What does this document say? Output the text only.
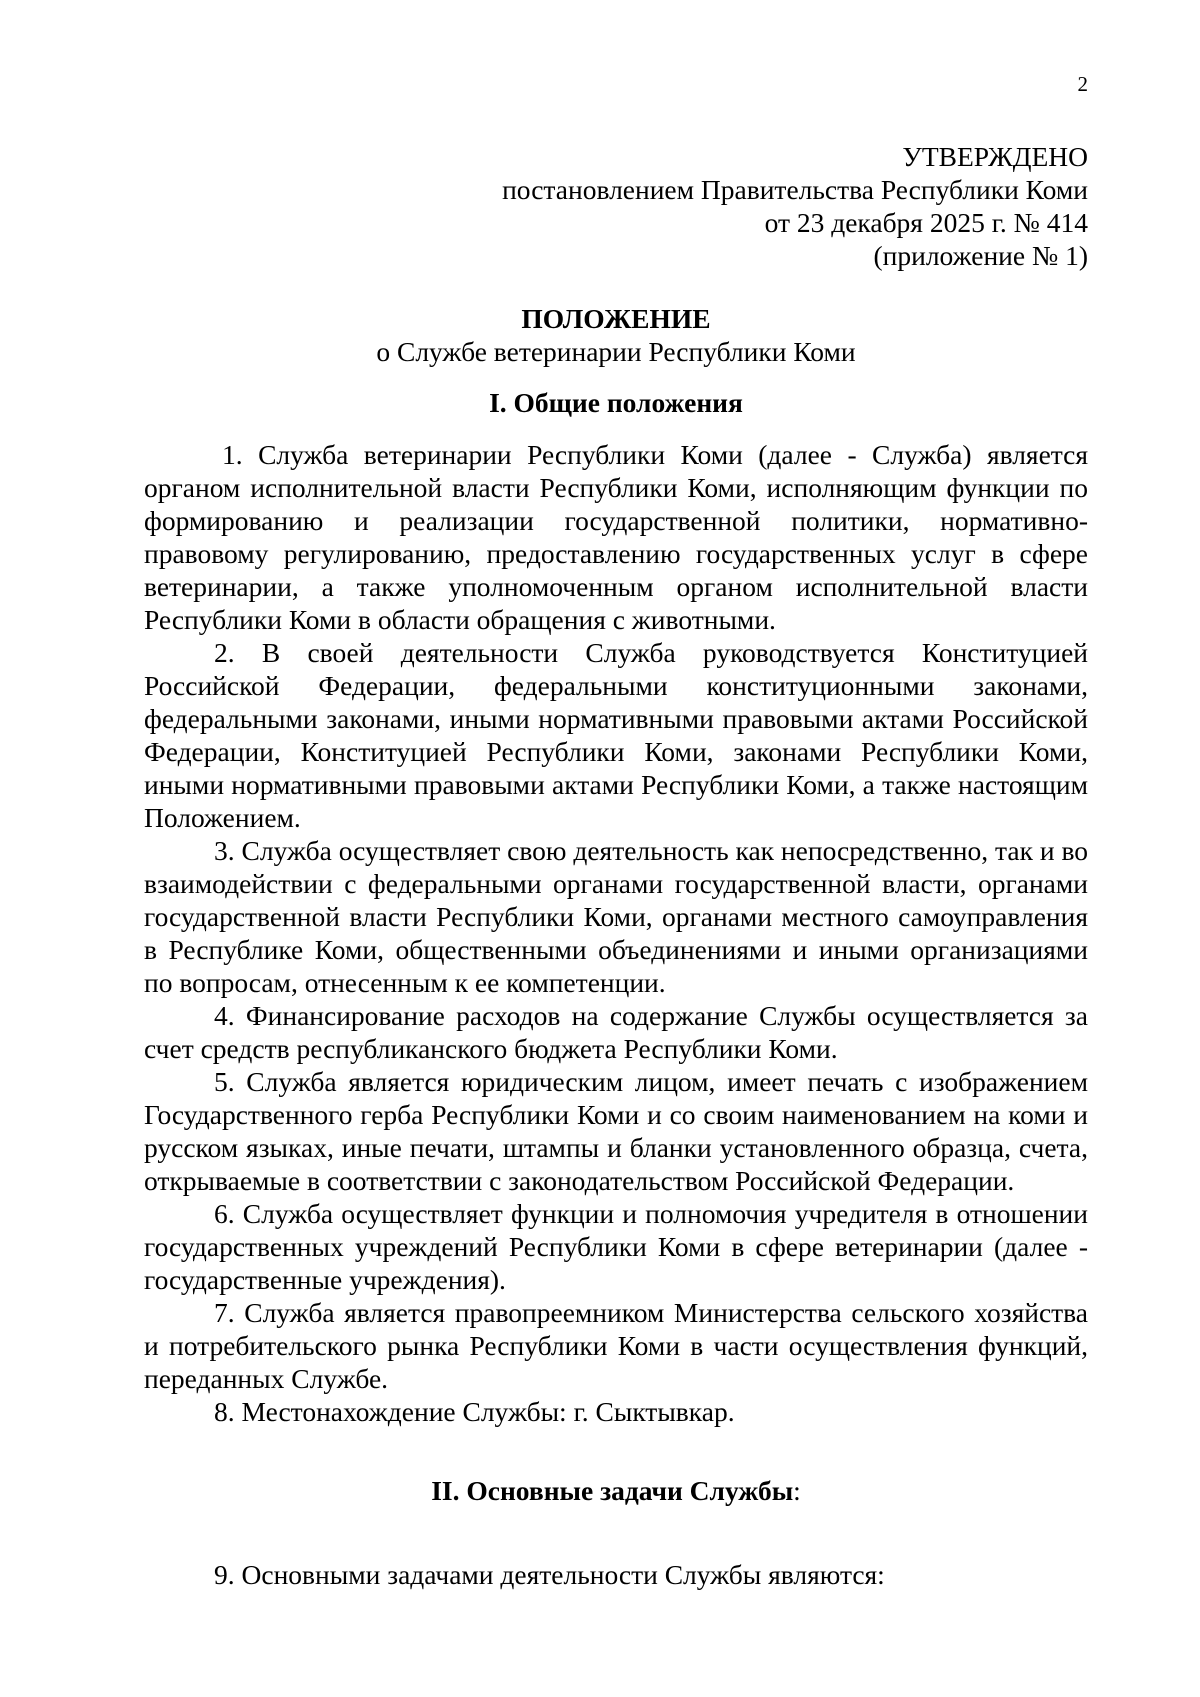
2
УТВЕРЖДЕНО
постановлением Правительства Республики Коми
от 23 декабря 2025 г. № 414
(приложение № 1)
ПОЛОЖЕНИЕ
о Службе ветеринарии Республики Коми
I. Общие положения

1. Служба ветеринарии Республики Коми (далее - Служба) является органом исполнительной власти Республики Коми, исполняющим функции по формированию и реализации государственной политики, нормативно-правовому регулированию, предоставлению государственных услуг в сфере ветеринарии, а также уполномоченным органом исполнительной власти Республики Коми в области обращения с животными.

2. В своей деятельности Служба руководствуется Конституцией Российской Федерации, федеральными конституционными законами, федеральными законами, иными нормативными правовыми актами Российской Федерации, Конституцией Республики Коми, законами Республики Коми, иными нормативными правовыми актами Республики Коми, а также настоящим Положением.

3. Служба осуществляет свою деятельность как непосредственно, так и во взаимодействии с федеральными органами государственной власти, органами государственной власти Республики Коми, органами местного самоуправления в Республике Коми, общественными объединениями и иными организациями по вопросам, отнесенным к ее компетенции.

4. Финансирование расходов на содержание Службы осуществляется за счет средств республиканского бюджета Республики Коми.

5. Служба является юридическим лицом, имеет печать с изображением Государственного герба Республики Коми и со своим наименованием на коми и русском языках, иные печати, штампы и бланки установленного образца, счета, открываемые в соответствии с законодательством Российской Федерации.

6. Служба осуществляет функции и полномочия учредителя в отношении государственных учреждений Республики Коми в сфере ветеринарии (далее - государственные учреждения).

7. Служба является правопреемником Министерства сельского хозяйства и потребительского рынка Республики Коми в части осуществления функций, переданных Службе.

8. Местонахождение Службы: г. Сыктывкар.

II. Основные задачи Службы:

9. Основными задачами деятельности Службы являются:
